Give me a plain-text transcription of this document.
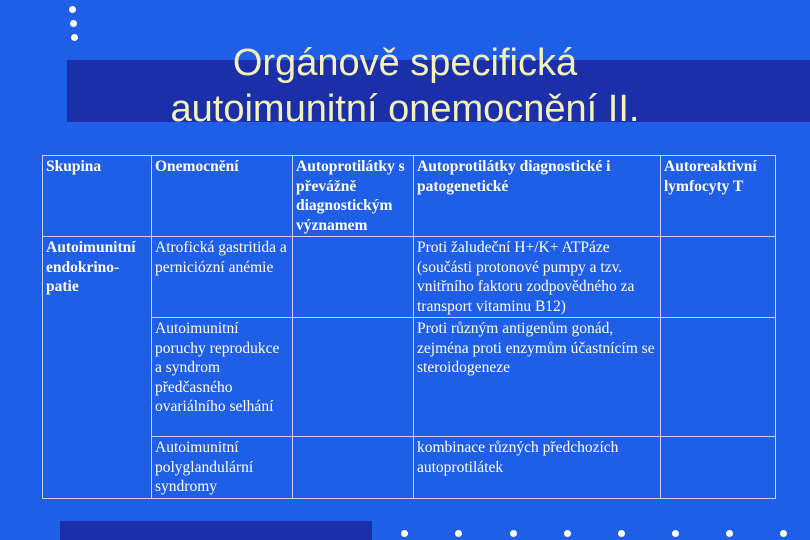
Orgánově specifická
autoimunitní onemocnění II.
Skupina	Onemocnění	Autoprotilátky s převážně diagnostickým významem	Autoprotilátky diagnostické i patogenetické	Autoreaktivní lymfocyty T
Autoimunitní endokrino-patie	Atrofická gastritida a perniciózní anémie		Proti žaludeční H+/K+ ATPáze (součásti protonové pumpy a tzv. vnitřního faktoru zodpovědného za transport vitaminu B12)	
	Autoimunitní poruchy reprodukce a syndrom předčasného ovariálního selhání		Proti různým antigenům gonád, zejména proti enzymům účastnícím se steroidogeneze	
	Autoimunitní polyglandulární syndromy		kombinace různých předchozích autoprotilátek	
